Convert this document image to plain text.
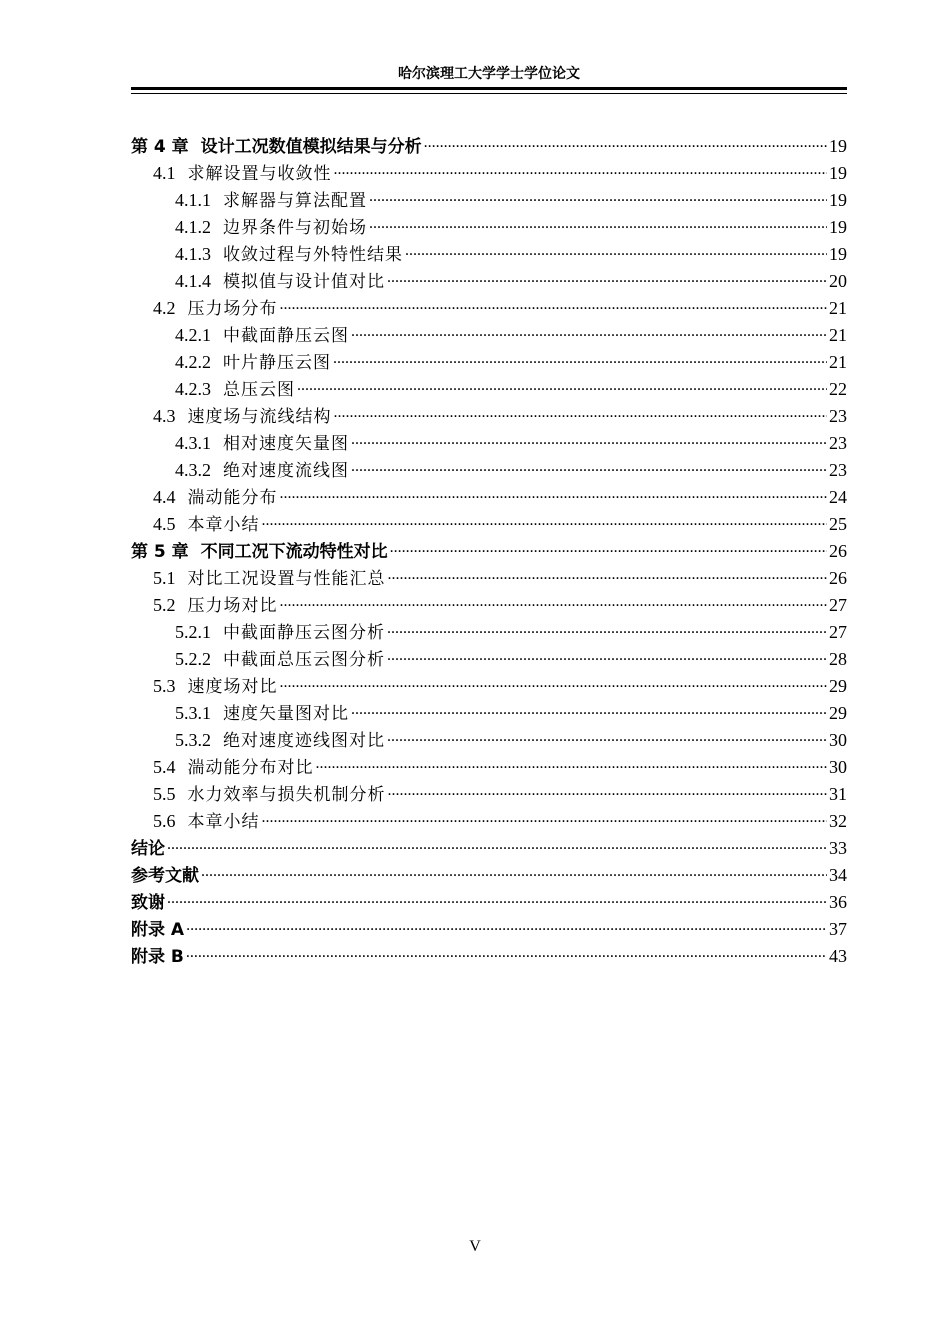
哈尔滨理工大学学士学位论文
第 4 章 设计工况数值模拟结果与分析 .....	19
4.1 求解设置与收敛性 .....	19
4.1.1 求解器与算法配置 .....	19
4.1.2 边界条件与初始场 .....	19
4.1.3 收敛过程与外特性结果 .....	19
4.1.4 模拟值与设计值对比 .....	20
4.2 压力场分布 .....	21
4.2.1 中截面静压云图 .....	21
4.2.2 叶片静压云图 .....	21
4.2.3 总压云图 .....	22
4.3 速度场与流线结构 .....	23
4.3.1 相对速度矢量图 .....	23
4.3.2 绝对速度流线图 .....	23
4.4 湍动能分布 .....	24
4.5 本章小结 .....	25
第 5 章 不同工况下流动特性对比 .....	26
5.1 对比工况设置与性能汇总 .....	26
5.2 压力场对比 .....	27
5.2.1 中截面静压云图分析 .....	27
5.2.2 中截面总压云图分析 .....	28
5.3 速度场对比 .....	29
5.3.1 速度矢量图对比 .....	29
5.3.2 绝对速度迹线图对比 .....	30
5.4 湍动能分布对比 .....	30
5.5 水力效率与损失机制分析 .....	31
5.6 本章小结 .....	32
结论 .....	33
参考文献 .....	34
致谢 .....	36
附录 A .....	37
附录 B .....	43
V
